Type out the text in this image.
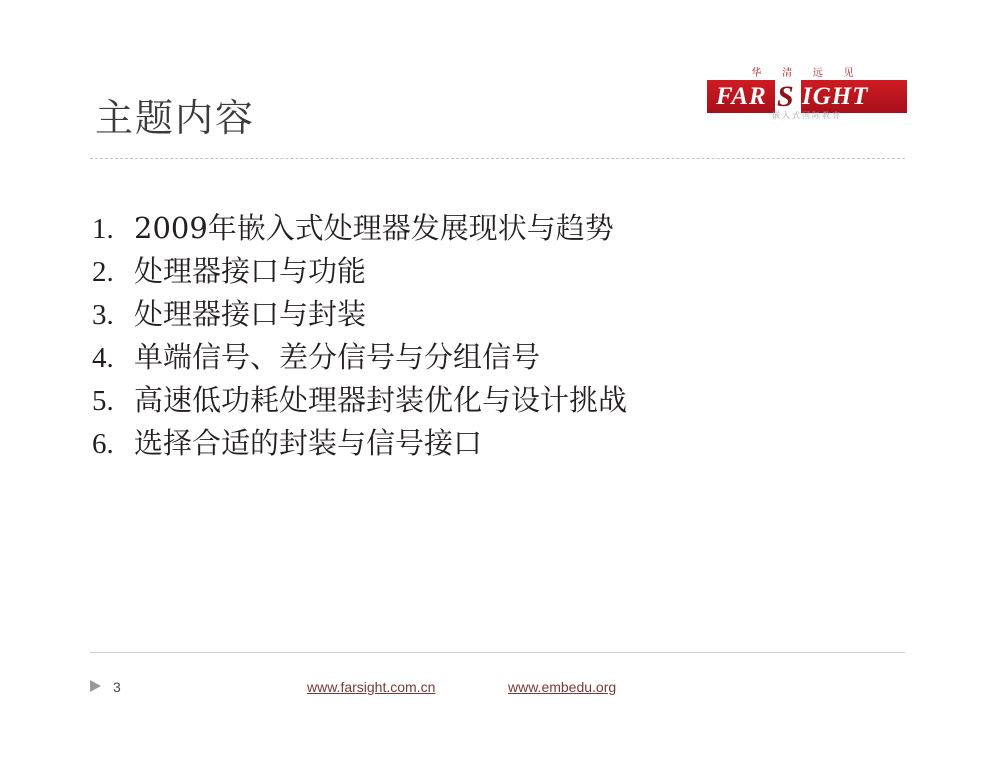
华 清 远 见
FAR S IGHT
嵌入式国际教育
主题内容
1. 2009年嵌入式处理器发展现状与趋势
2. 处理器接口与功能
3. 处理器接口与封装
4. 单端信号、差分信号与分组信号
5. 高速低功耗处理器封装优化与设计挑战
6. 选择合适的封装与信号接口
3	www.farsight.com.cn	www.embedu.org
